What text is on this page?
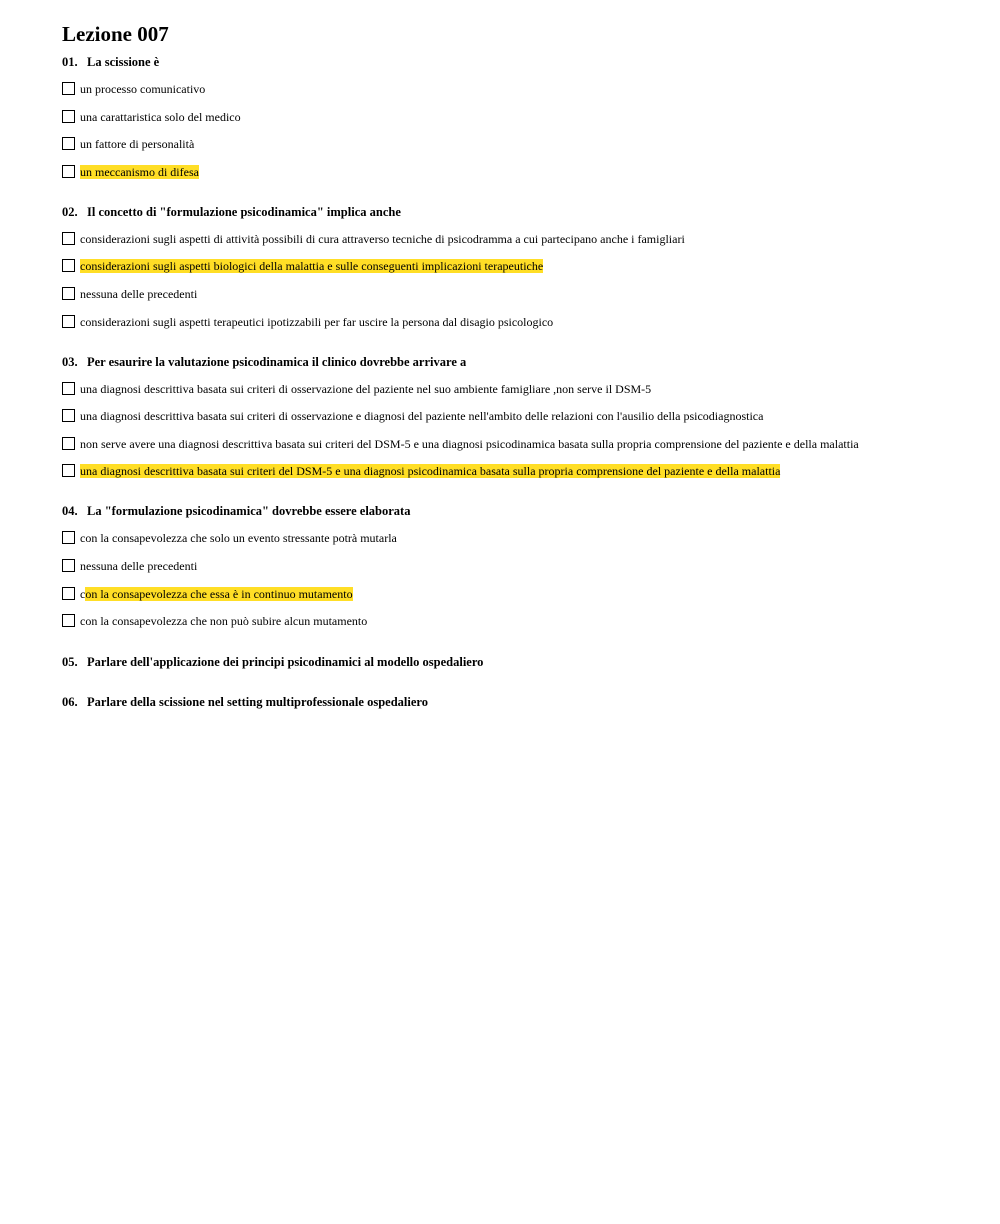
Lezione 007

01. La scissione è

un processo comunicativo
una carattaristica solo del medico
un fattore di personalità
un meccanismo di difesa

02. Il concetto di "formulazione psicodinamica" implica anche

considerazioni sugli aspetti di attività possibili di cura attraverso tecniche di psicodramma a cui partecipano anche i famigliari
considerazioni sugli aspetti biologici della malattia e sulle conseguenti implicazioni terapeutiche
nessuna delle precedenti
considerazioni sugli aspetti terapeutici ipotizzabili per far uscire la persona dal disagio psicologico

03. Per esaurire la valutazione psicodinamica il clinico dovrebbe arrivare a

una diagnosi descrittiva basata sui criteri di osservazione del paziente nel suo ambiente famigliare ,non serve il DSM-5
una diagnosi descrittiva basata sui criteri di osservazione e diagnosi del paziente nell'ambito delle relazioni con l'ausilio della psicodiagnostica
non serve avere una diagnosi descrittiva basata sui criteri del DSM-5 e una diagnosi psicodinamica basata sulla propria comprensione del paziente e della malattia
una diagnosi descrittiva basata sui criteri del DSM-5 e una diagnosi psicodinamica basata sulla propria comprensione del paziente e della malattia

04. La "formulazione psicodinamica" dovrebbe essere elaborata

con la consapevolezza che solo un evento stressante potrà mutarla
nessuna delle precedenti
con la consapevolezza che essa è in continuo mutamento
con la consapevolezza che non può subire alcun mutamento

05. Parlare dell'applicazione dei principi psicodinamici al modello ospedaliero

06. Parlare della scissione nel setting multiprofessionale ospedaliero
